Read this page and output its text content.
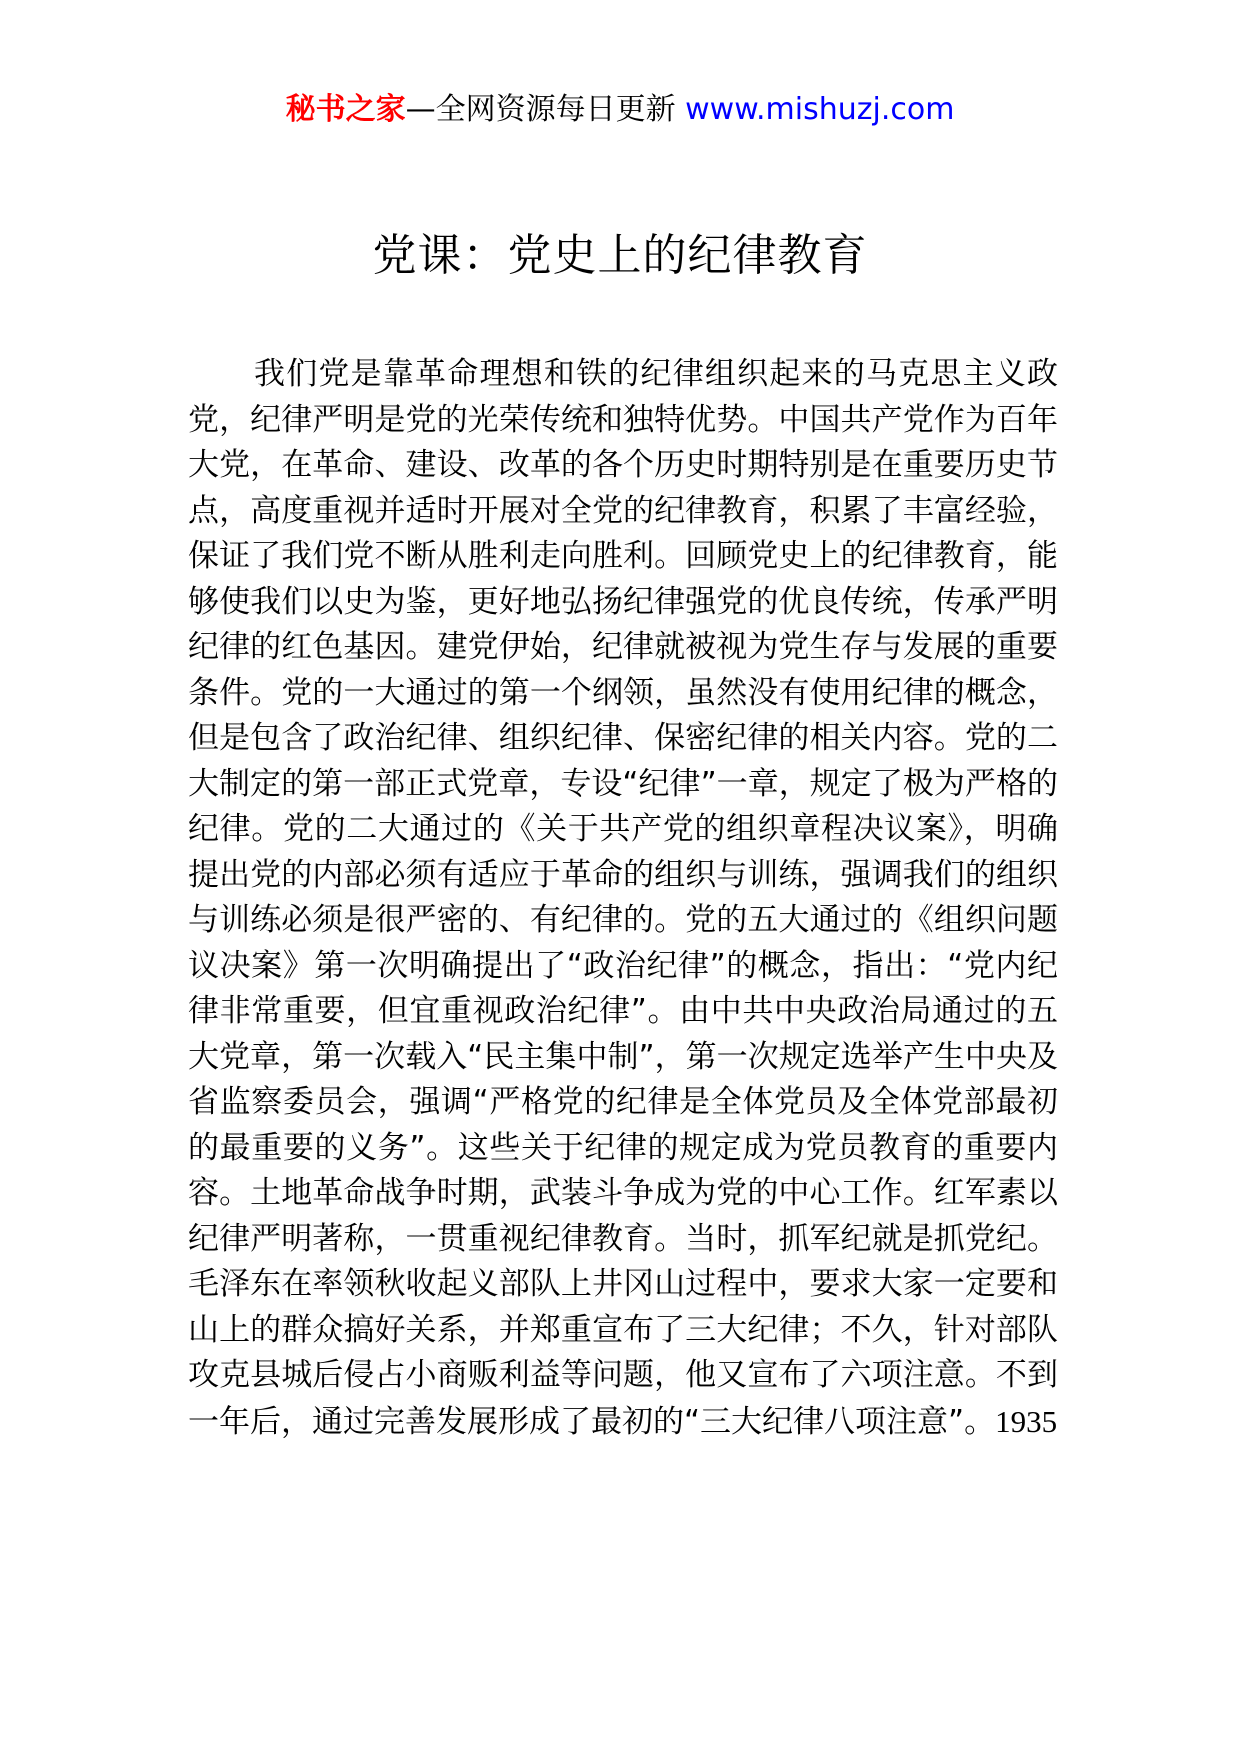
秘书之家—全网资源每日更新 www.mishuzj.com
党课：党史上的纪律教育

我们党是靠革命理想和铁的纪律组织起来的马克思主义政党，纪律严明是党的光荣传统和独特优势。中国共产党作为百年大党，在革命、建设、改革的各个历史时期特别是在重要历史节点，高度重视并适时开展对全党的纪律教育，积累了丰富经验，保证了我们党不断从胜利走向胜利。回顾党史上的纪律教育，能够使我们以史为鉴，更好地弘扬纪律强党的优良传统，传承严明纪律的红色基因。建党伊始，纪律就被视为党生存与发展的重要条件。党的一大通过的第一个纲领，虽然没有使用纪律的概念，但是包含了政治纪律、组织纪律、保密纪律的相关内容。党的二大制定的第一部正式党章，专设“纪律”一章，规定了极为严格的纪律。党的二大通过的《关于共产党的组织章程决议案》，明确提出党的内部必须有适应于革命的组织与训练，强调我们的组织与训练必须是很严密的、有纪律的。党的五大通过的《组织问题议决案》第一次明确提出了“政治纪律”的概念，指出：“党内纪律非常重要，但宜重视政治纪律”。由中共中央政治局通过的五大党章，第一次载入“民主集中制”，第一次规定选举产生中央及省监察委员会，强调“严格党的纪律是全体党员及全体党部最初的最重要的义务”。这些关于纪律的规定成为党员教育的重要内容。土地革命战争时期，武装斗争成为党的中心工作。红军素以纪律严明著称，一贯重视纪律教育。当时，抓军纪就是抓党纪。毛泽东在率领秋收起义部队上井冈山过程中，要求大家一定要和山上的群众搞好关系，并郑重宣布了三大纪律；不久，针对部队攻克县城后侵占小商贩利益等问题，他又宣布了六项注意。不到一年后，通过完善发展形成了最初的“三大纪律八项注意”。1935
